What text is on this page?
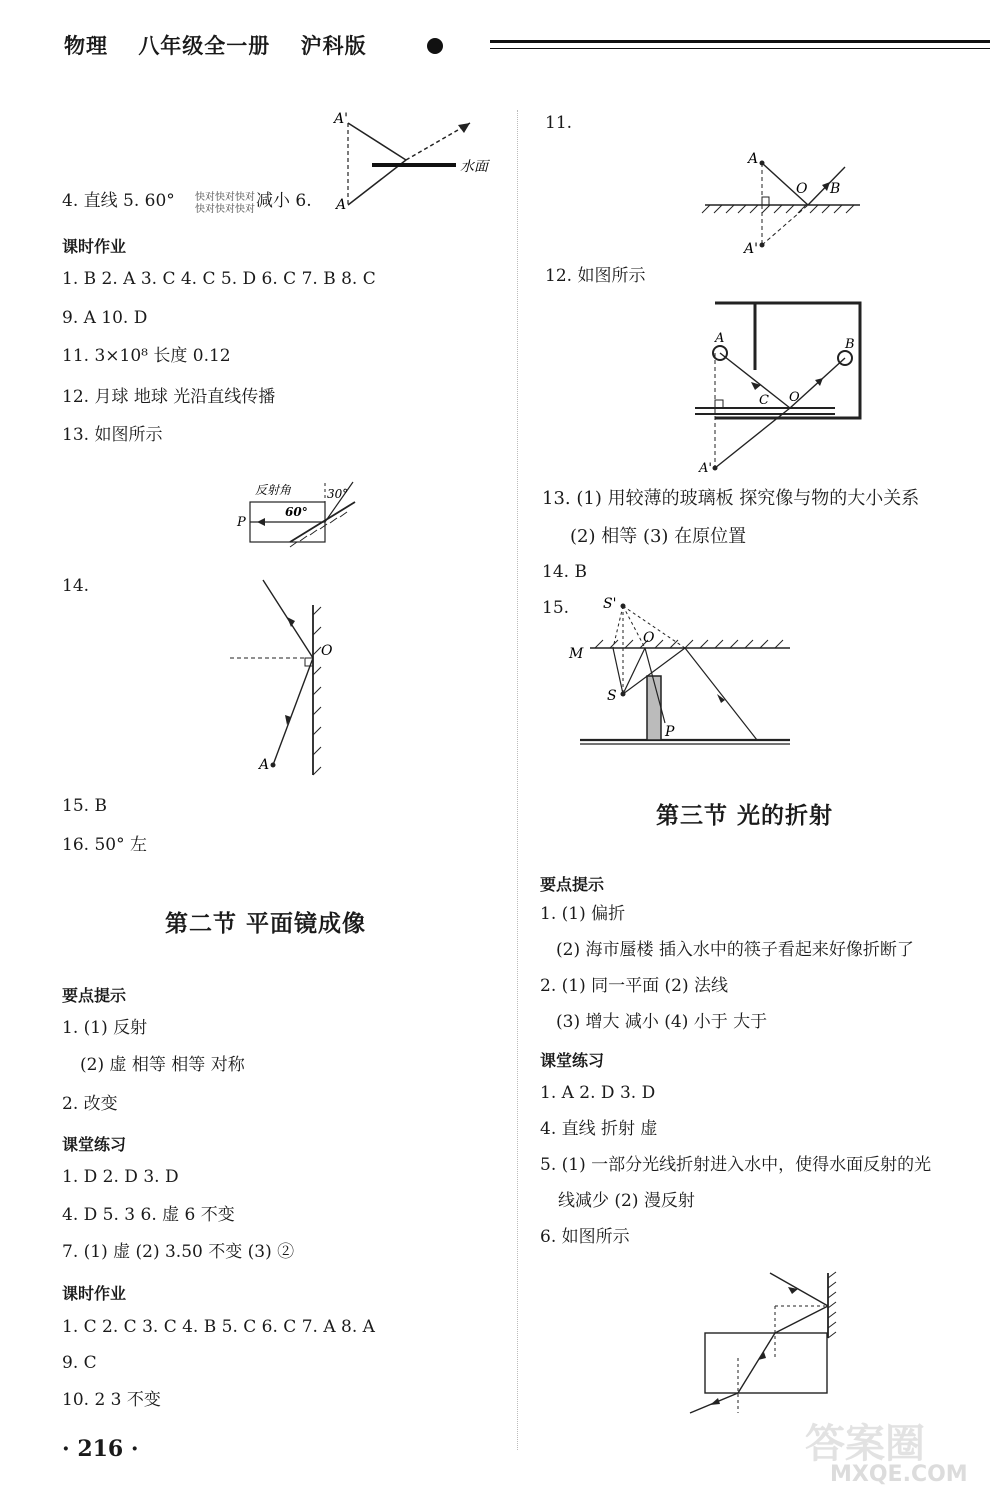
物理 八年级全一册 沪科版
A'
A
水面
4. 直线 5. 60° 快对快对快对
快对快对快对 减小 6.
课时作业
1. B 2. A 3. C 4. C 5. D 6. C 7. B 8. C
9. A 10. D
11. 3×10⁸ 长度 0.12
12. 月球 地球 光沿直线传播
13. 如图所示
反射角	30°
60°
P
14.
O
A
15. B
16. 50° 左
第二节 平面镜成像
要点提示
1. (1) 反射
(2) 虚 相等 相等 对称
2. 改变
课堂练习
1. D 2. D 3. D
4. D 5. 3 6. 虚 6 不变
7. (1) 虚 (2) 3.50 不变 (3) ②
课时作业
1. C 2. C 3. C 4. B 5. C 6. C 7. A 8. A
9. C
10. 2 3 不变
11.
A
O B
A'
12. 如图所示
A	B
C O
A'
13. (1) 用较薄的玻璃板 探究像与物的大小关系
(2) 相等 (3) 在原位置
14. B
15. S'
O
M
S
P
第三节 光的折射
要点提示
1. (1) 偏折
(2) 海市蜃楼 插入水中的筷子看起来好像折断了
2. (1) 同一平面 (2) 法线
(3) 增大 减小 (4) 小于 大于
课堂练习
1. A 2. D 3. D
4. 直线 折射 虚
5. (1) 一部分光线折射进入水中，使得水面反射的光
线减少 (2) 漫反射
6. 如图所示
· 216 ·	答案圈
MXQE.COM
